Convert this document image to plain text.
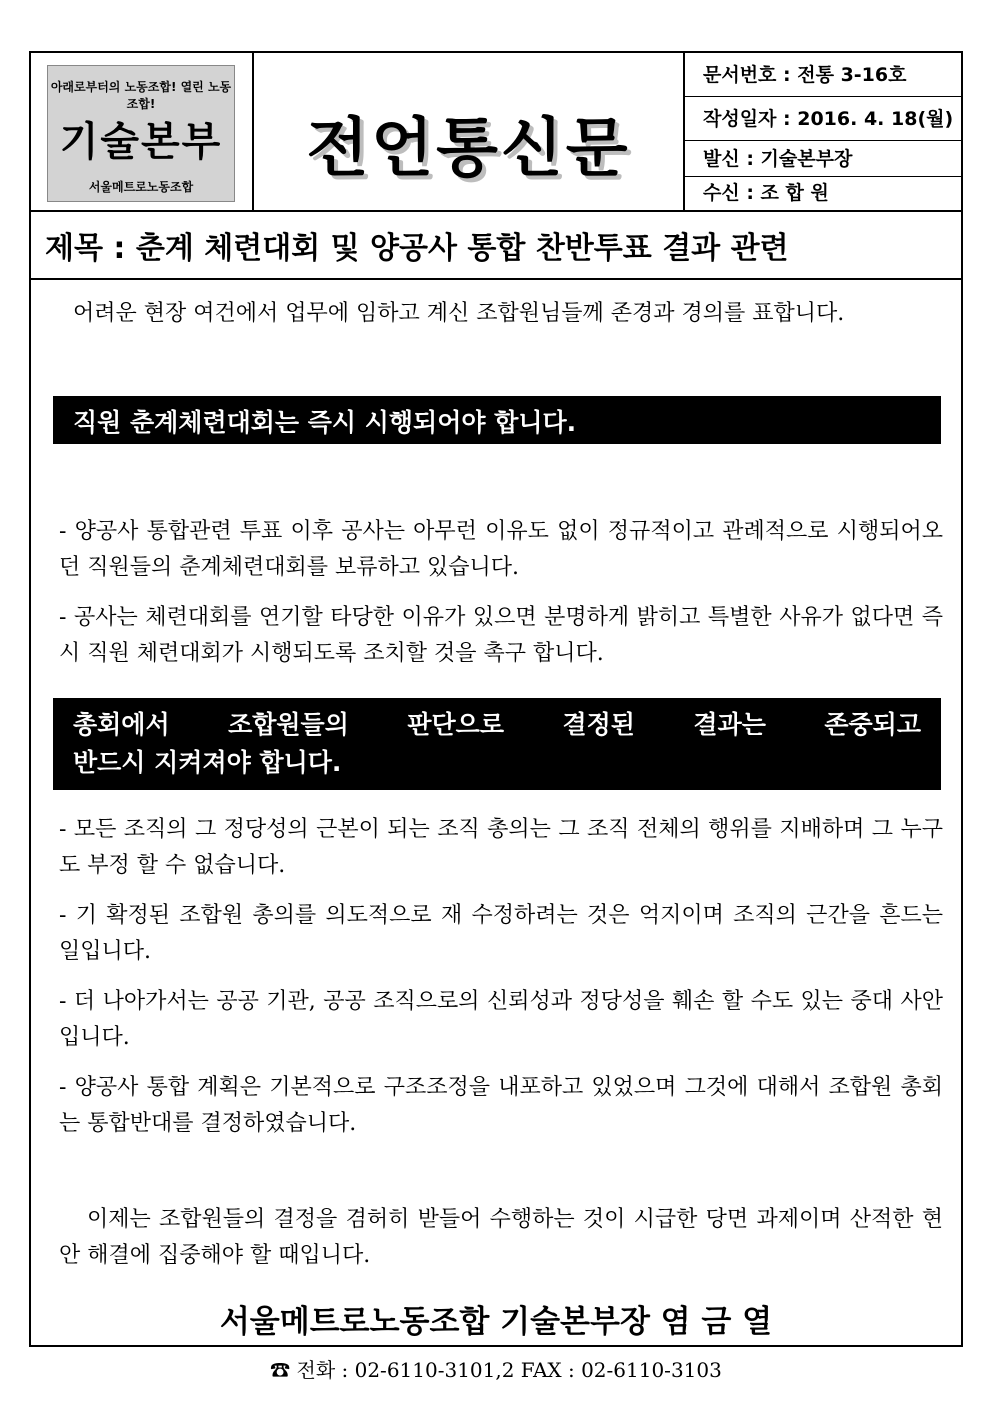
아래로부터의 노동조합! 열린 노동조합!
기술본부
서울메트로노동조합
전언통신문
문서번호 : 전통 3-16호
작성일자 : 2016. 4. 18(월)
발신 : 기술본부장
수신 : 조 합 원
제목 : 춘계 체련대회 및 양공사 통합 찬반투표 결과 관련
어려운 현장 여건에서 업무에 임하고 계신 조합원님들께 존경과 경의를 표합니다.
직원 춘계체련대회는 즉시 시행되어야 합니다.
- 양공사 통합관련 투표 이후 공사는 아무런 이유도 없이 정규적이고 관례적으로 시행되어오던 직원들의 춘계체련대회를 보류하고 있습니다.
- 공사는 체련대회를 연기할 타당한 이유가 있으면 분명하게 밝히고 특별한 사유가 없다면 즉시 직원 체련대회가 시행되도록 조치할 것을 촉구 합니다.
총회에서 조합원들의 판단으로 결정된 결과는 존중되고
반드시 지켜져야 합니다.
- 모든 조직의 그 정당성의 근본이 되는 조직 총의는 그 조직 전체의 행위를 지배하며 그 누구도 부정 할 수 없습니다.
- 기 확정된 조합원 총의를 의도적으로 재 수정하려는 것은 억지이며 조직의 근간을 흔드는 일입니다.
- 더 나아가서는 공공 기관, 공공 조직으로의 신뢰성과 정당성을 훼손 할 수도 있는 중대 사안입니다.
- 양공사 통합 계획은 기본적으로 구조조정을 내포하고 있었으며 그것에 대해서 조합원 총회는 통합반대를 결정하였습니다.
이제는 조합원들의 결정을 겸허히 받들어 수행하는 것이 시급한 당면 과제이며 산적한 현안 해결에 집중해야 할 때입니다.
서울메트로노동조합 기술본부장 염 금 열
☎ 전화 : 02-6110-3101,2 FAX : 02-6110-3103
